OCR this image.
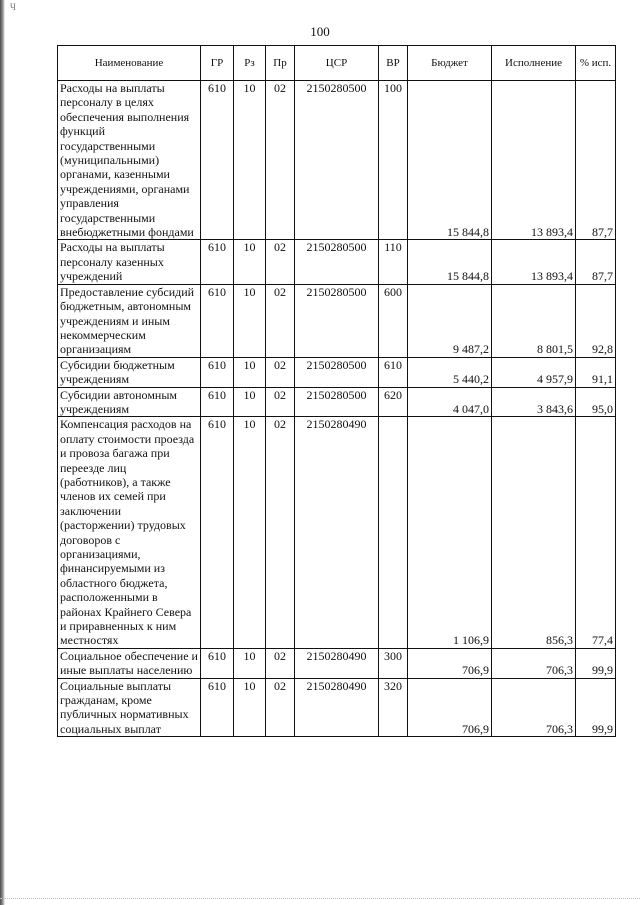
Ч
100
Наименование	ГР	Рз	Пр	ЦСР	ВР	Бюджет	Исполнение	% исп.
Расходы на выплаты персоналу в целях обеспечения выполнения функций государственными (муниципальными) органами, казенными учреждениями, органами управления государственными внебюджетными фондами	610	10	02	2150280500	100	15 844,8	13 893,4	87,7
Расходы на выплаты персоналу казенных учреждений	610	10	02	2150280500	110	15 844,8	13 893,4	87,7
Предоставление субсидий бюджетным, автономным учреждениям и иным некоммерческим организациям	610	10	02	2150280500	600	9 487,2	8 801,5	92,8
Субсидии бюджетным учреждениям	610	10	02	2150280500	610	5 440,2	4 957,9	91,1
Субсидии автономным учреждениям	610	10	02	2150280500	620	4 047,0	3 843,6	95,0
Компенсация расходов на оплату стоимости проезда и провоза багажа при переезде лиц (работников), а также членов их семей при заключении (расторжении) трудовых договоров с организациями, финансируемыми из областного бюджета, расположенными в районах Крайнего Севера и приравненных к ним местностях	610	10	02	2150280490		1 106,9	856,3	77,4
Социальное обеспечение и иные выплаты населению	610	10	02	2150280490	300	706,9	706,3	99,9
Социальные выплаты гражданам, кроме публичных нормативных социальных выплат	610	10	02	2150280490	320	706,9	706,3	99,9
